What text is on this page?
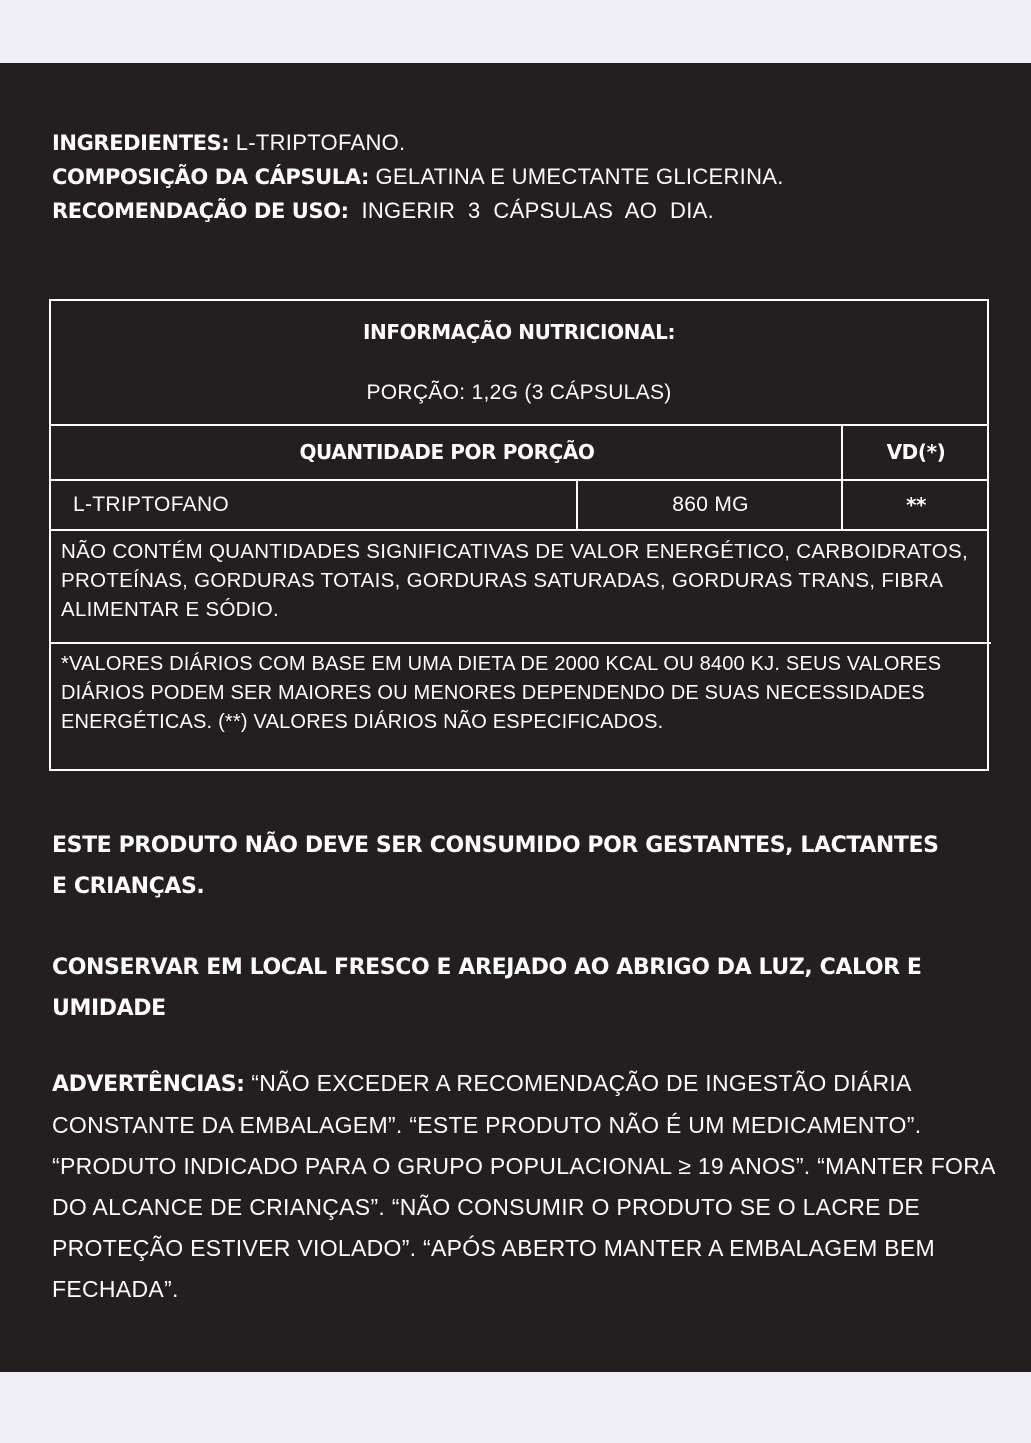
INGREDIENTES: L-TRIPTOFANO.
COMPOSIÇÃO DA CÁPSULA: GELATINA E UMECTANTE GLICERINA.
RECOMENDAÇÃO DE USO:  INGERIR  3  CÁPSULAS  AO  DIA.
INFORMAÇÃO NUTRICIONAL:
PORÇÃO: 1,2G (3 CÁPSULAS)
QUANTIDADE POR PORÇÃO	VD(*)
L-TRIPTOFANO	860 MG	**
NÃO CONTÉM QUANTIDADES SIGNIFICATIVAS DE VALOR ENERGÉTICO, CARBOIDRATOS, PROTEÍNAS, GORDURAS TOTAIS, GORDURAS SATURADAS, GORDURAS TRANS, FIBRA ALIMENTAR E SÓDIO.
*VALORES DIÁRIOS COM BASE EM UMA DIETA DE 2000 KCAL OU 8400 KJ. SEUS VALORES DIÁRIOS PODEM SER MAIORES OU MENORES DEPENDENDO DE SUAS NECESSIDADES ENERGÉTICAS. (**) VALORES DIÁRIOS NÃO ESPECIFICADOS.
ESTE PRODUTO NÃO DEVE SER CONSUMIDO POR GESTANTES, LACTANTES E CRIANÇAS.
CONSERVAR EM LOCAL FRESCO E AREJADO AO ABRIGO DA LUZ, CALOR E UMIDADE
ADVERTÊNCIAS: “NÃO EXCEDER A RECOMENDAÇÃO DE INGESTÃO DIÁRIA CONSTANTE DA EMBALAGEM”. “ESTE PRODUTO NÃO É UM MEDICAMENTO”. “PRODUTO INDICADO PARA O GRUPO POPULACIONAL ≥ 19 ANOS”. “MANTER FORA DO ALCANCE DE CRIANÇAS”. “NÃO CONSUMIR O PRODUTO SE O LACRE DE PROTEÇÃO ESTIVER VIOLADO”. “APÓS ABERTO MANTER A EMBALAGEM BEM FECHADA”.
